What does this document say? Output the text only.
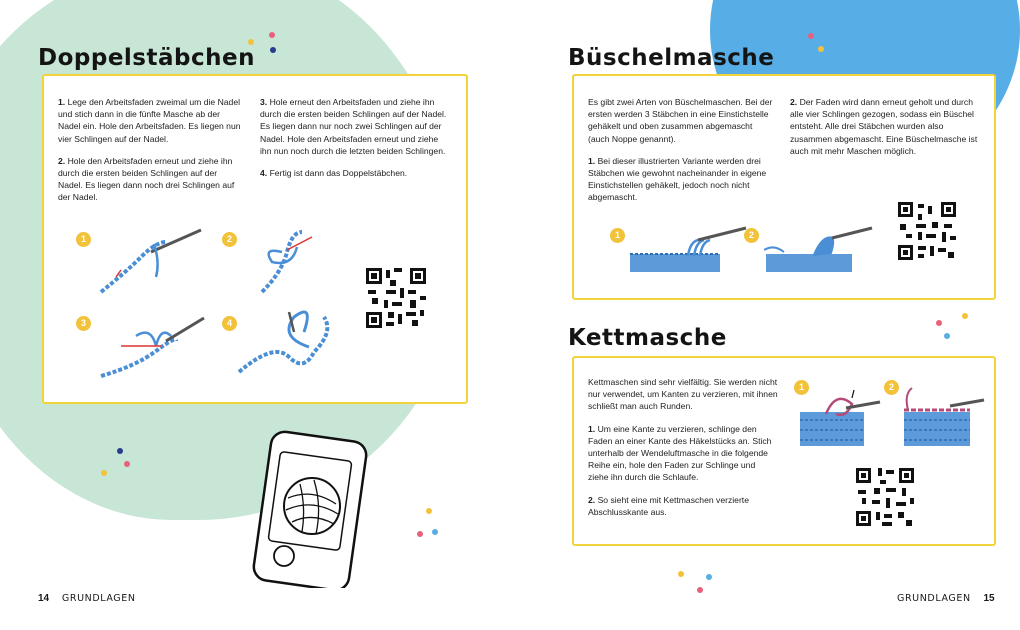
Doppelstäbchen

1. Lege den Arbeitsfaden zweimal um die Nadel und stich dann in die fünfte Masche ab der Nadel ein. Hole den Arbeitsfaden. Es liegen nun vier Schlingen auf der Nadel.

2. Hole den Arbeitsfaden erneut und ziehe ihn durch die ersten beiden Schlingen auf der Nadel. Es liegen dann noch drei Schlingen auf der Nadel.

3. Hole erneut den Arbeitsfaden und ziehe ihn durch die ersten beiden Schlingen auf der Nadel. Es liegen dann nur noch zwei Schlingen auf der Nadel. Hole den Arbeitsfaden erneut und ziehe ihn nun noch durch die letzten beiden Schlingen.

4. Fertig ist dann das Doppelstäbchen.

1	2
3	4
Büschelmasche

Es gibt zwei Arten von Büschelmaschen. Bei der ersten werden 3 Stäbchen in eine Einstichstelle gehäkelt und oben zusammen abgemascht (auch Noppe genannt).

1. Bei dieser illustrierten Variante werden drei Stäbchen wie gewohnt nacheinander in eigene Einstichstellen gehäkelt, jedoch noch nicht abgemascht.

2. Der Faden wird dann erneut geholt und durch alle vier Schlingen gezogen, sodass ein Büschel entsteht. Alle drei Stäbchen wurden also zusammen abgemascht. Eine Büschelmasche ist auch mit mehr Maschen möglich.

1	2
Kettmasche

Kettmaschen sind sehr vielfältig. Sie werden nicht nur verwendet, um Kanten zu verzieren, mit ihnen schließt man auch Runden.

1. Um eine Kante zu verzieren, schlinge den Faden an einer Kante des Häkelstücks an. Stich unterhalb der Wendeluftmasche in die folgende Reihe ein, hole den Faden zur Schlinge und ziehe ihn durch die Schlaufe.

2. So sieht eine mit Kettmaschen verzierte Abschlusskante aus.

1	2
14 GRUNDLAGEN	GRUNDLAGEN 15
